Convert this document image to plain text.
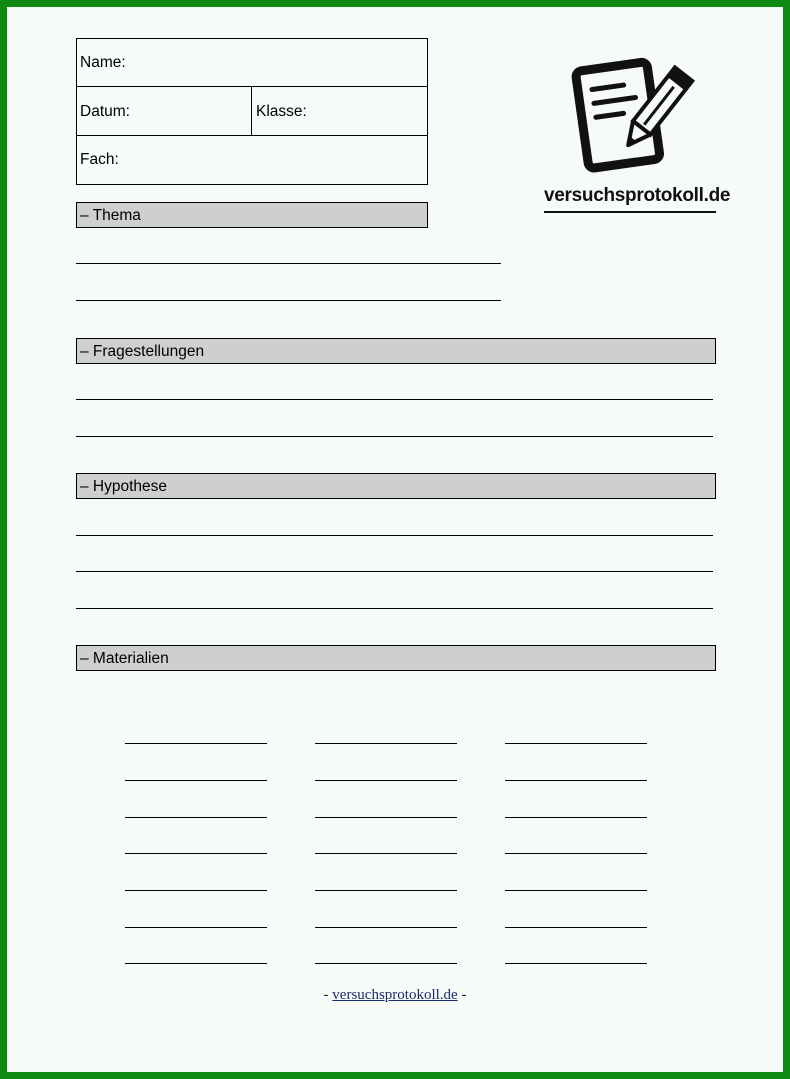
Name:
Datum:	Klasse:
Fach:
versuchsprotokoll.de
– Thema
– Fragestellungen
– Hypothese
– Materialien
- versuchsprotokoll.de -
